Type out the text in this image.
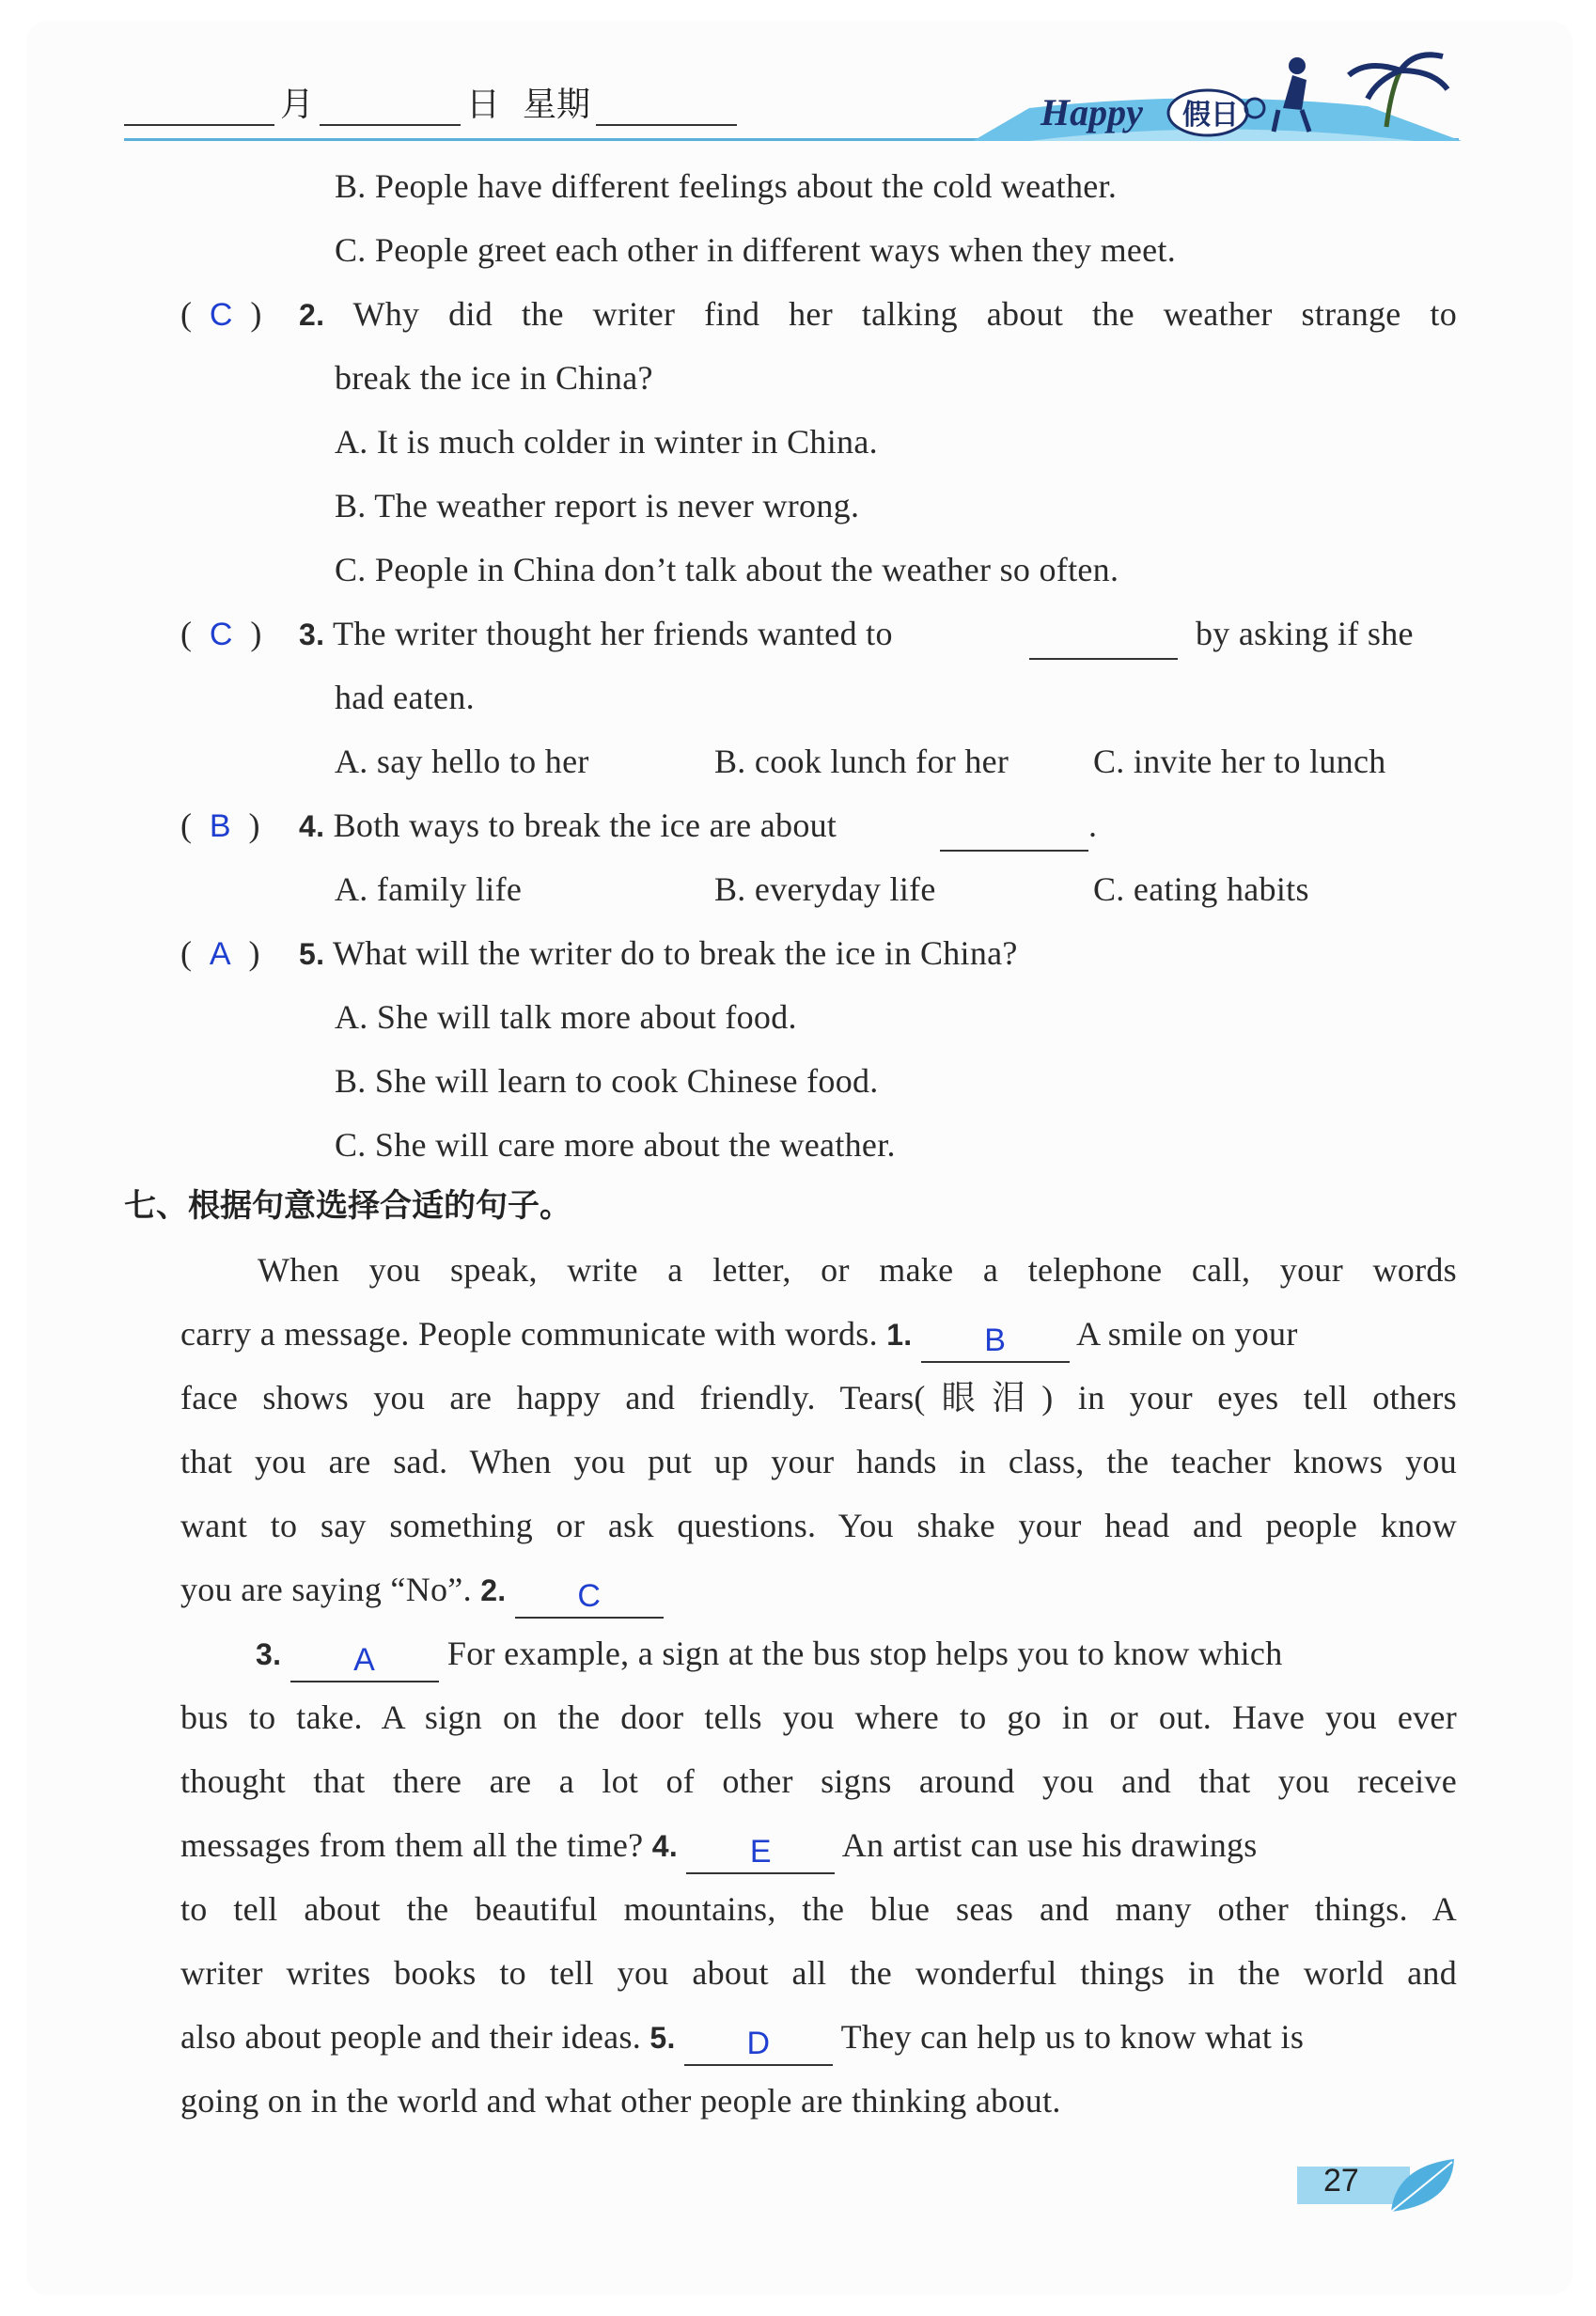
月	日 星期	Happy 假日
B. People have different feelings about the cold weather.
C. People greet each other in different ways when they meet.
( C ) 2. Why did the writer find her talking about the weather strange to
break the ice in China?
A. It is much colder in winter in China.
B. The weather report is never wrong.
C. People in China don’t talk about the weather so often.
( C ) 3. The writer thought her friends wanted to	by asking if she
had eaten.
A. say hello to her	B. cook lunch for her C. invite her to lunch
( B ) 4. Both ways to break the ice are about	.
A. family life	B. everyday life	C. eating habits
( A ) 5. What will the writer do to break the ice in China?
A. She will talk more about food.
B. She will learn to cook Chinese food.
C. She will care more about the weather.
七、根据句意选择合适的句子。
When you speak, write a letter, or make a telephone call, your words
carry a message. People communicate with words. 1. B A smile on your
face shows you are happy and friendly. Tears(眼泪) in your eyes tell others
that you are sad. When you put up your hands in class, the teacher knows you
want to say something or ask questions. You shake your head and people know
you are saying “No”. 2. C
3. A For example, a sign at the bus stop helps you to know which
bus to take. A sign on the door tells you where to go in or out. Have you ever
thought that there are a lot of other signs around you and that you receive
messages from them all the time? 4. E An artist can use his drawings
to tell about the beautiful mountains, the blue seas and many other things. A
writer writes books to tell you about all the wonderful things in the world and
also about people and their ideas. 5. D They can help us to know what is
going on in the world and what other people are thinking about.
27
